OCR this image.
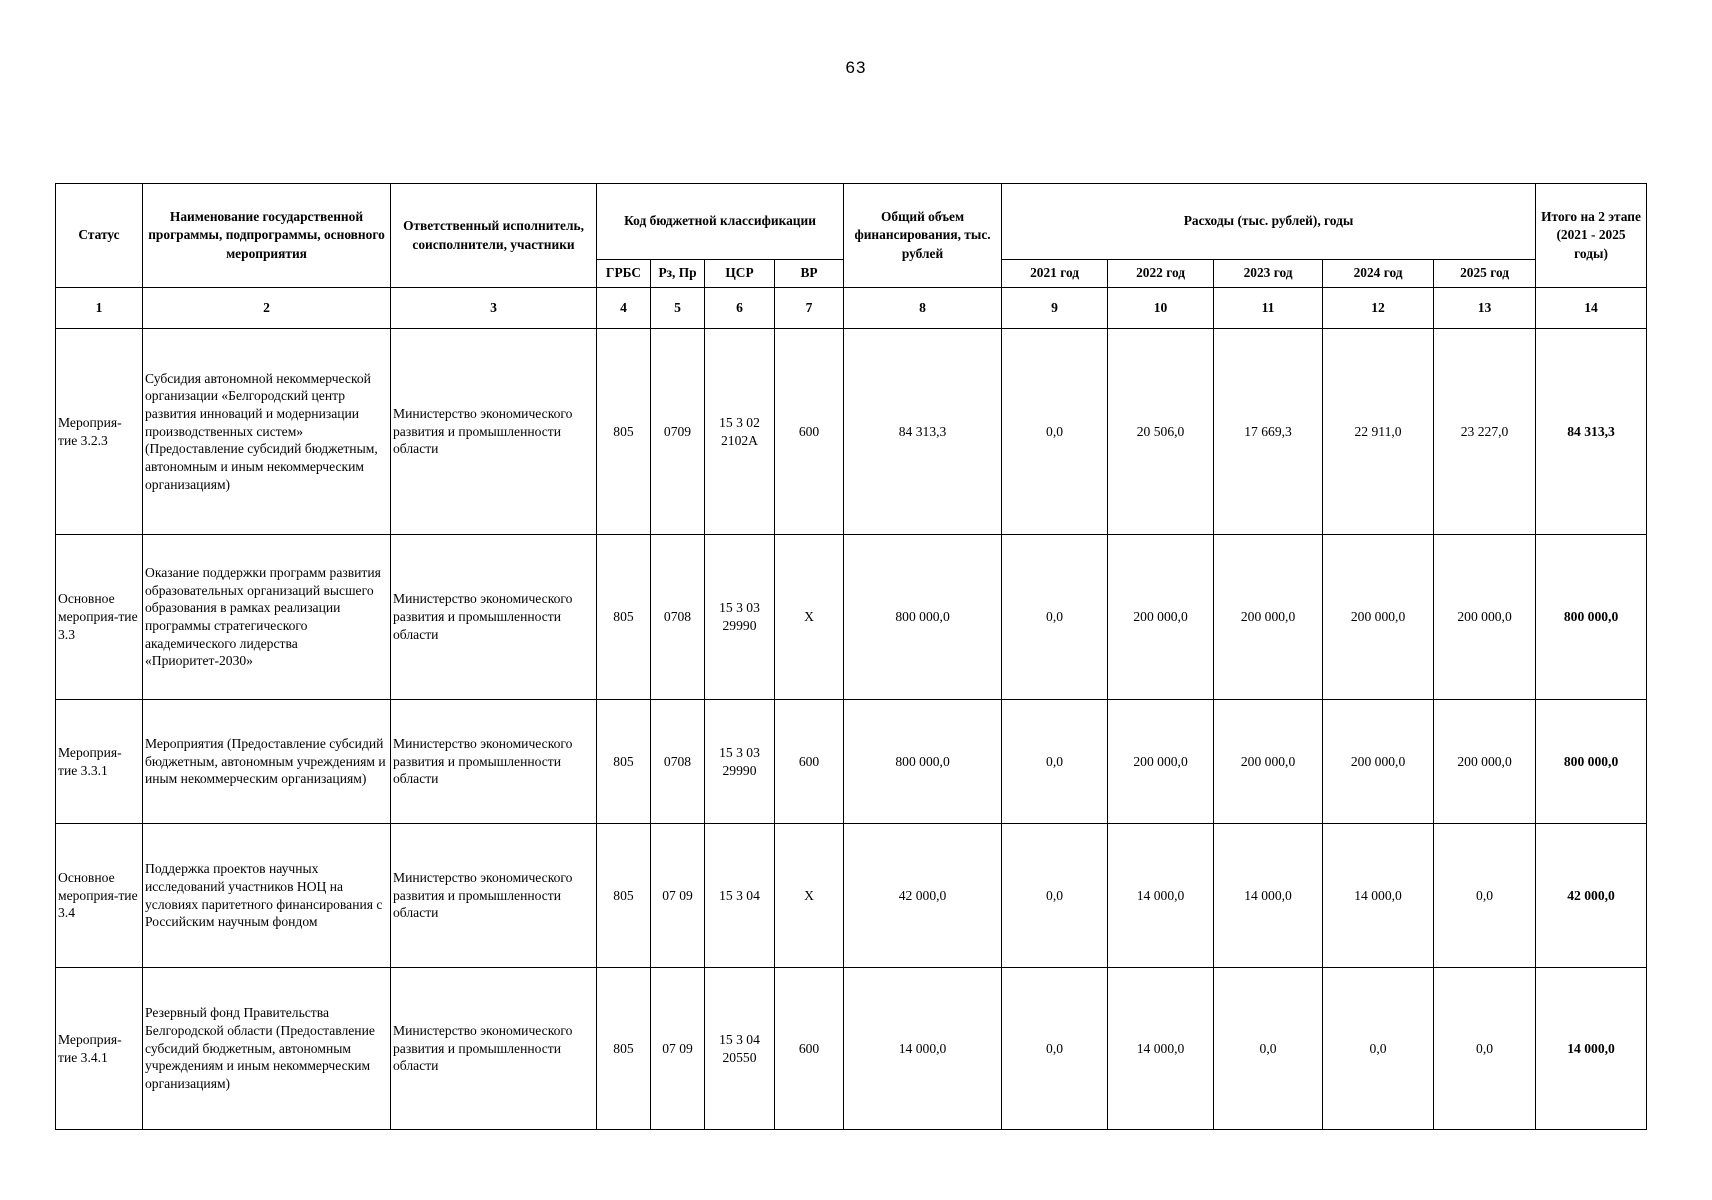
63
Статус	Наименование государственной программы, подпрограммы, основного мероприятия	Ответственный исполнитель, соисполнители, участники	Код бюджетной классификации				Общий объем финансирования, тыс. рублей	Расходы (тыс. рублей), годы					Итого на 2 этапе (2021 - 2025 годы)
			ГРБС	Рз, Пр	ЦСР	ВР		2021 год	2022 год	2023 год	2024 год	2025 год	
1	2	3	4	5	6	7	8	9	10	11	12	13	14
Мероприя-тие 3.2.3	Субсидия автономной некоммерческой организации «Белгородский центр развития инноваций и модернизации производственных систем» (Предоставление субсидий бюджетным, автономным и иным некоммерческим организациям)	Министерство экономического развития и промышленности области	805	0709	15 3 02 2102A	600	84 313,3	0,0	20 506,0	17 669,3	22 911,0	23 227,0	84 313,3
Основное мероприя-тие 3.3	Оказание поддержки программ развития образовательных организаций высшего образования в рамках реализации программы стратегического академического лидерства «Приоритет-2030»	Министерство экономического развития и промышленности области	805	0708	15 3 03 29990	X	800 000,0	0,0	200 000,0	200 000,0	200 000,0	200 000,0	800 000,0
Мероприя-тие 3.3.1	Мероприятия (Предоставление субсидий бюджетным, автономным учреждениям и иным некоммерческим организациям)	Министерство экономического развития и промышленности области	805	0708	15 3 03 29990	600	800 000,0	0,0	200 000,0	200 000,0	200 000,0	200 000,0	800 000,0
Основное мероприя-тие 3.4	Поддержка проектов научных исследований участников НОЦ на условиях паритетного финансирования с Российским научным фондом	Министерство экономического развития и промышленности области	805	07 09	15 3 04	X	42 000,0	0,0	14 000,0	14 000,0	14 000,0	0,0	42 000,0
Мероприя-тие 3.4.1	Резервный фонд Правительства Белгородской области (Предоставление субсидий бюджетным, автономным учреждениям и иным некоммерческим организациям)	Министерство экономического развития и промышленности области	805	07 09	15 3 04 20550	600	14 000,0	0,0	14 000,0	0,0	0,0	0,0	14 000,0
